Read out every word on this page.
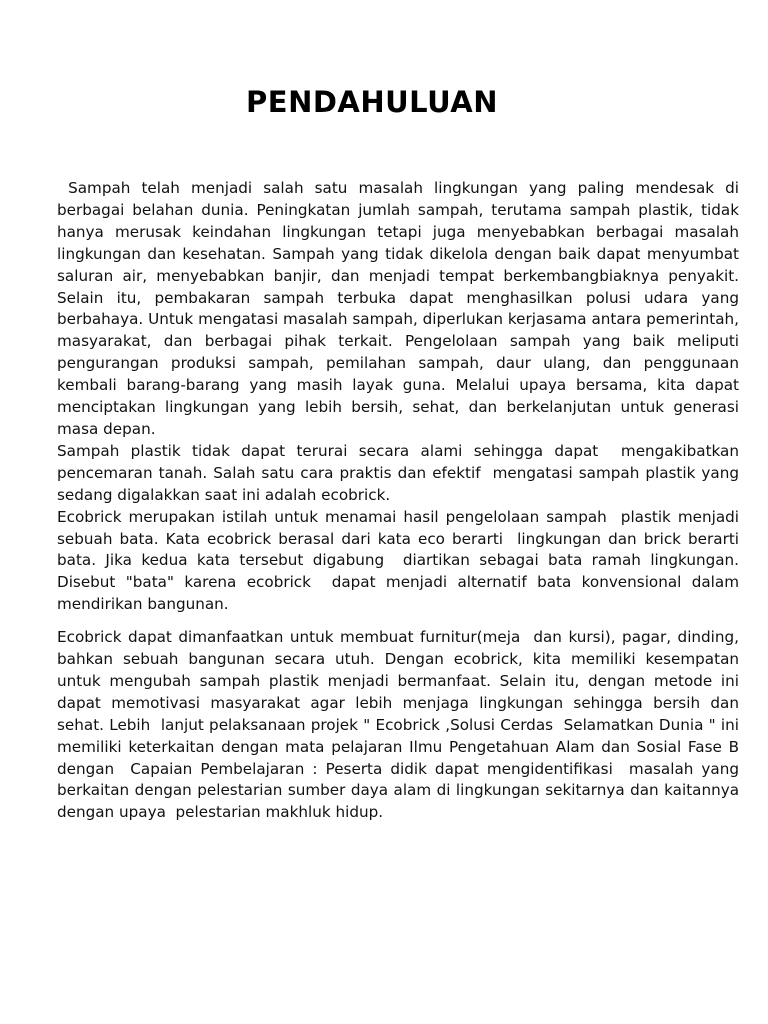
PENDAHULUAN

Sampah telah menjadi salah satu masalah lingkungan yang paling mendesak di berbagai belahan dunia. Peningkatan jumlah sampah, terutama sampah plastik, tidak hanya merusak keindahan lingkungan tetapi juga menyebabkan berbagai masalah lingkungan dan kesehatan. Sampah yang tidak dikelola dengan baik dapat menyumbat saluran air, menyebabkan banjir, dan menjadi tempat berkembangbiaknya penyakit. Selain itu, pembakaran sampah terbuka dapat menghasilkan polusi udara yang berbahaya. Untuk mengatasi masalah sampah, diperlukan kerjasama antara pemerintah, masyarakat, dan berbagai pihak terkait. Pengelolaan sampah yang baik meliputi pengurangan produksi sampah, pemilahan sampah, daur ulang, dan penggunaan kembali barang-barang yang masih layak guna. Melalui upaya bersama, kita dapat menciptakan lingkungan yang lebih bersih, sehat, dan berkelanjutan untuk generasi masa depan.

Sampah plastik tidak dapat terurai secara alami sehingga dapat  mengakibatkan pencemaran tanah. Salah satu cara praktis dan efektif  mengatasi sampah plastik yang sedang digalakkan saat ini adalah ecobrick.

Ecobrick merupakan istilah untuk menamai hasil pengelolaan sampah  plastik menjadi sebuah bata. Kata ecobrick berasal dari kata eco berarti  lingkungan dan brick berarti bata. Jika kedua kata tersebut digabung  diartikan sebagai bata ramah lingkungan. Disebut "bata" karena ecobrick  dapat menjadi alternatif bata konvensional dalam mendirikan bangunan.

Ecobrick dapat dimanfaatkan untuk membuat furnitur(meja  dan kursi), pagar, dinding, bahkan sebuah bangunan secara utuh. Dengan ecobrick, kita memiliki kesempatan  untuk mengubah sampah plastik menjadi bermanfaat. Selain itu, dengan metode ini dapat memotivasi masyarakat agar lebih menjaga lingkungan sehingga bersih dan sehat. Lebih  lanjut pelaksanaan projek " Ecobrick ,Solusi Cerdas  Selamatkan Dunia " ini memiliki keterkaitan dengan mata pelajaran Ilmu Pengetahuan Alam dan Sosial Fase B dengan  Capaian Pembelajaran : Peserta didik dapat mengidentifikasi  masalah yang berkaitan dengan pelestarian sumber daya alam di lingkungan sekitarnya dan kaitannya dengan upaya  pelestarian makhluk hidup.
